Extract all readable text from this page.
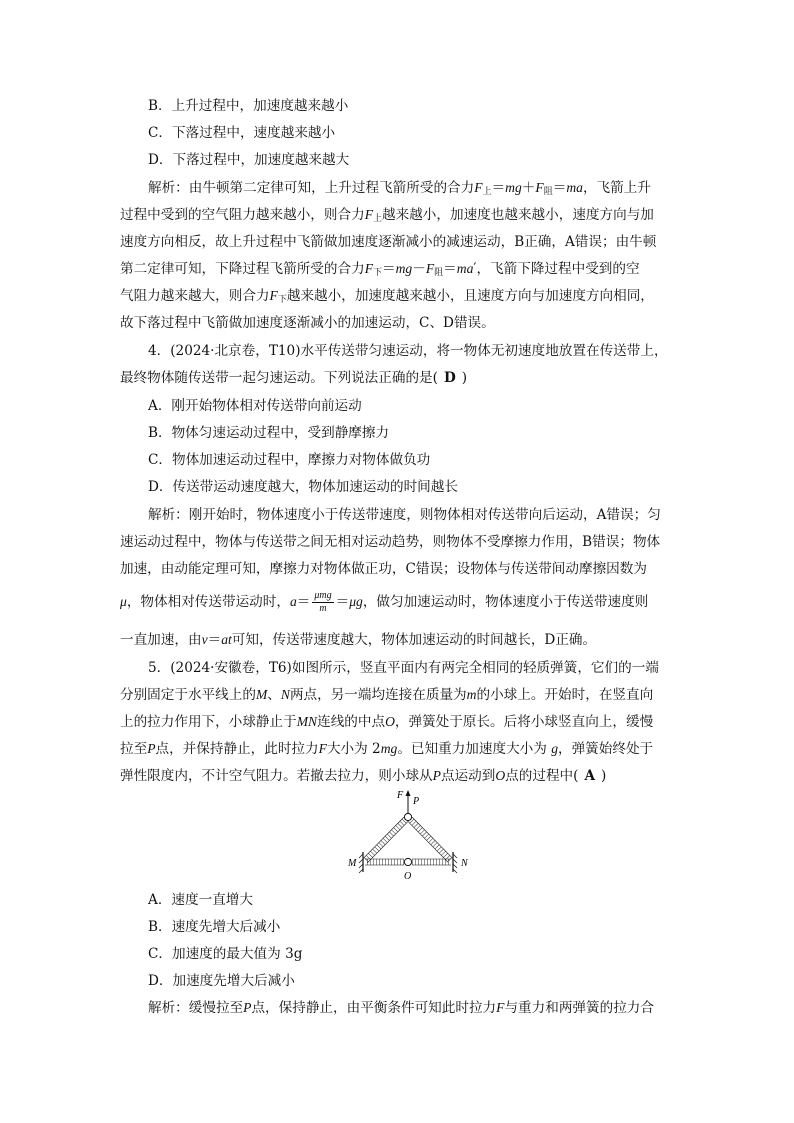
B．上升过程中，加速度越来越小
C．下落过程中，速度越来越小
D．下落过程中，加速度越来越大
解析：由牛顿第二定律可知，上升过程飞箭所受的合力$F_上=mg+F_阻=ma$，飞箭上升
过程中受到的空气阻力越来越小，则合力$F_上$越来越小，加速度也越来越小，速度方向与加
速度方向相反，故上升过程中飞箭做加速度逐渐减小的减速运动，B正确，A错误；由牛顿
第二定律可知，下降过程飞箭所受的合力$F_下=mg-F_阻=ma'$，飞箭下降过程中受到的空
气阻力越来越大，则合力$F_下$越来越小，加速度越来越小，且速度方向与加速度方向相同，
故下落过程中飞箭做加速度逐渐减小的加速运动，C、D错误。
4．(2024·北京卷，T10)水平传送带匀速运动，将一物体无初速度地放置在传送带上，
最终物体随传送带一起匀速运动。下列说法正确的是( D )
A．刚开始物体相对传送带向前运动
B．物体匀速运动过程中，受到静摩擦力
C．物体加速运动过程中，摩擦力对物体做负功
D．传送带运动速度越大，物体加速运动的时间越长
解析：刚开始时，物体速度小于传送带速度，则物体相对传送带向后运动，A错误；匀
速运动过程中，物体与传送带之间无相对运动趋势，则物体不受摩擦力作用，B错误；物体
加速，由动能定理可知，摩擦力对物体做正功，C错误；设物体与传送带间动摩擦因数为
μ，物体相对传送带运动时，$a= \frac{\text{μmg}}{m} =\mu g$，做匀加速运动时，物体速度小于传送带速度则
一直加速，由v＝at可知，传送带速度越大，物体加速运动的时间越长，D正确。
5．(2024·安徽卷，T6)如图所示，竖直平面内有两完全相同的轻质弹簧，它们的一端
分别固定于水平线上的M、N两点，另一端均连接在质量为m的小球上。开始时，在竖直向
上的拉力作用下，小球静止于MN连线的中点O，弹簧处于原长。后将小球竖直向上，缓慢
拉至P点，并保持静止，此时拉力F大小为 2mg。已知重力加速度大小为 g，弹簧始终处于
弹性限度内，不计空气阻力。若撤去拉力，则小球从P点运动到O点的过程中( A )
F
P
M	N
O
A．速度一直增大
B．速度先增大后减小
C．加速度的最大值为 3g
D．加速度先增大后减小
解析：缓慢拉至P点，保持静止，由平衡条件可知此时拉力F与重力和两弹簧的拉力合
